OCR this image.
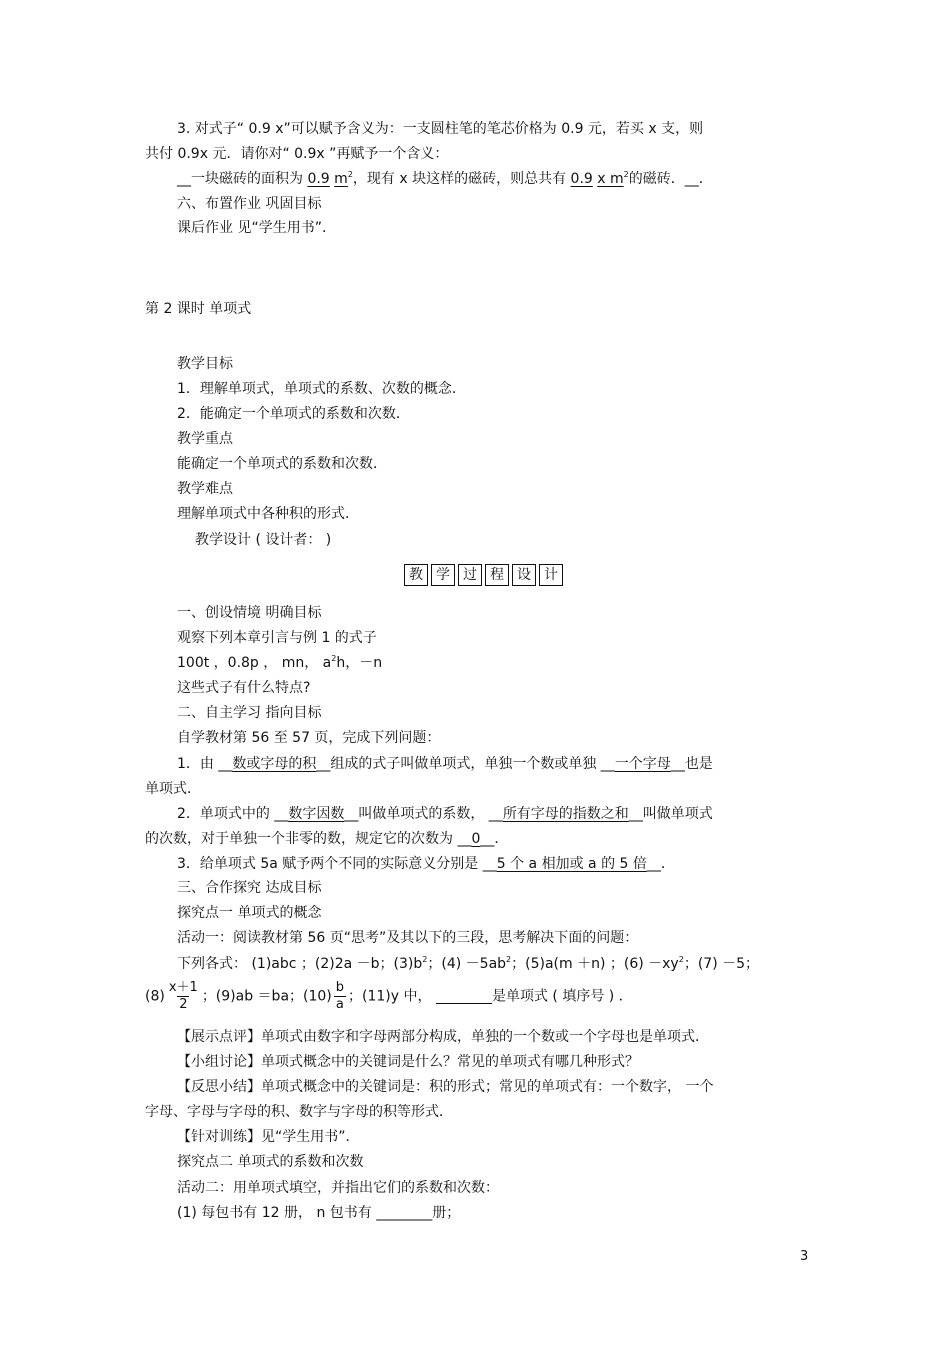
3. 对式子“ 0.9 x”可以赋予含义为：一支圆柱笔的笔芯价格为 0.9 元，若买 x 支，则
共付 0.9x 元．请你对“ 0.9x ”再赋予一个含义：
__一块磁砖的面积为 0.9 $m^2$，现有 x 块这样的磁砖，则总共有 0.9 x $m^2$的磁砖．__．
六、布置作业 巩固目标
课后作业 见“学生用书”．
第 2 课时 单项式
教学目标
1．理解单项式，单项式的系数、次数的概念．
2．能确定一个单项式的系数和次数．
教学重点
能确定一个单项式的系数和次数．
教学难点
理解单项式中各种积的形式．
教学设计 ( 设计者： )
教 学 过 程 设 计
一、创设情境 明确目标
观察下列本章引言与例 1 的式子
100t ，0.8p ， mn， $a^2h$，－n
这些式子有什么特点?
二、自主学习 指向目标
自学教材第 56 至 57 页，完成下列问题：
1．由 __数或字母的积__组成的式子叫做单项式，单独一个数或单独 __一个字母__也是
单项式．
2．单项式中的 __数字因数__叫做单项式的系数， __所有字母的指数之和__叫做单项式
的次数，对于单独一个非零的数，规定它的次数为 __0__．
3．给单项式 5a 赋予两个不同的实际意义分别是 __5 个 a 相加或 a 的 5 倍__．
三、合作探究 达成目标
探究点一 单项式的概念
活动一：阅读教材第 56 页“思考”及其以下的三段，思考解决下面的问题：
下列各式： (1)abc ；(2)2a －b；$(3)b^2$；$(4) -5ab^2$；(5)a(m ＋n) ；$(6) -xy^2$；(7) －5；
$(8) \frac{x+1}{2}$ ；(9)ab ＝ba；$(10) \frac{b}{a}$ ；(11)y 中， ________是单项式 ( 填序号 ) ．
【展示点评】单项式由数字和字母两部分构成，单独的一个数或一个字母也是单项式．
【小组讨论】单项式概念中的关键词是什么？常见的单项式有哪几种形式？
【反思小结】单项式概念中的关键词是：积的形式；常见的单项式有：一个数字， 一个
字母、字母与字母的积、数字与字母的积等形式．
【针对训练】见“学生用书”．
探究点二 单项式的系数和次数
活动二：用单项式填空，并指出它们的系数和次数：
(1) 每包书有 12 册， n 包书有 ________册；
3
